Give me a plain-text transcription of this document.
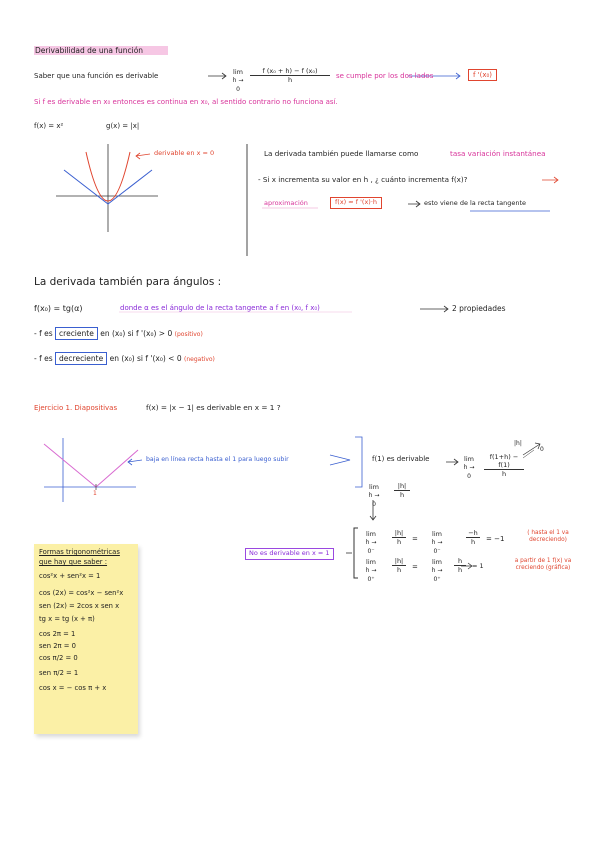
Derivabilidad de una función
Saber que una función es derivable	lim
h → 0
$\frac{\text{f (x₀ + h) − f (x₀)}}{h}$ se cumple por los dos lados	f '(x₀)
Si f es derivable en x₀ entonces es continua en x₀, al sentido contrario no funciona así.
f(x) = x²	g(x) = |x|
derivable en x = 0	La derivada también puede llamarse como	tasa variación instantánea
- Si x incrementa su valor en h , ¿ cuánto incrementa f(x)?
aproximación	f(x) ≃ f '(x)·h	esto viene de la recta tangente
La derivada también para ángulos :
f(x₀) = tg(α)	donde α es el ángulo de la recta tangente a f en (x₀, f x₀)	2 propiedades
- f es creciente en (x₀) si f '(x₀) > 0 (positivo)
- f es decreciente en (x₀) si f '(x₀) < 0 (negativo)
Ejercicio 1. Diapositivas	f(x) = |x − 1| es derivable en x = 1 ?
baja en línea recta hasta el 1 para luego subir
1
f(1) es derivable	lim
h → 0	$\frac{f(1+h) - f(1)}{h}$
|h|
0
lim
h → 0
$\frac{|h|}{h}$
lim
h → 0⁻
$\frac{|h|}{h}$ =
lim
h → 0⁻
$\frac{-h}{h} = -1$
( hasta el 1 va decreciendo)
lim
h → 0⁺
$\frac{|h|}{h}$ =
lim
h → 0⁺
$\frac{h}{h} = 1$
a partir de 1 f(x) va creciendo (gráfica)
No es derivable en x = 1
Formas trigonométricas
que hay que saber :
cos²x + sen²x = 1
cos (2x) = cos²x − sen²x
sen (2x) = 2cos x sen x
tg x = tg (x + π)
cos 2π = 1
sen 2π = 0
cos π/2 = 0
sen π/2 = 1
cos x = − cos π + x
